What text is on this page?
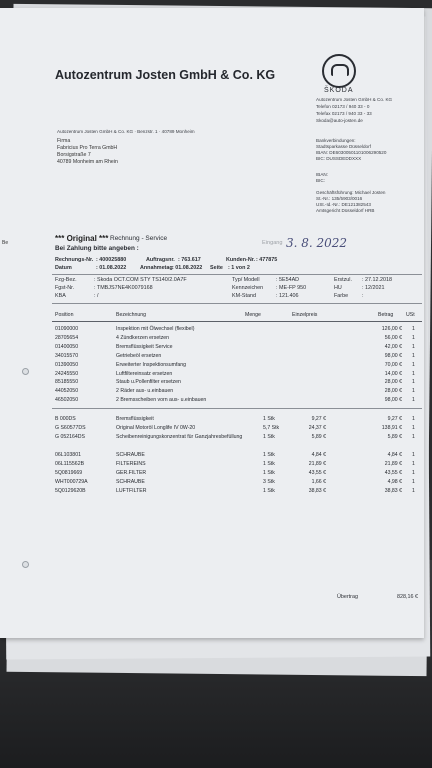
Autozentrum Josten GmbH & Co. KG
ŠKODA
Autozentrum Josten GmbH & Co. KG · Benzstr. 1 · 40789 Monheim
Firma
Fabricius Pro Terra GmbH
Borsigstraße 7
40789 Monheim am Rhein
Autozentrum Josten GmbH & Co. KG
Telefon 02173 / 940 33 - 0
Telefax 02173 / 940 33 - 33
Skoda@auto-josten.de
Bankverbindungen:
Stadtsparkasse Düsseldorf
IBAN: DE60300501101006290520
BIC: DUSSDEDDXXX
IBAN:
BIC:
Geschäftsführung: Michael Josten
St.-Nr.: 135/5903/0016
USt.-Id.-Nr.: DE121382543
Amtsgericht Düsseldorf HRB
Be	*** Original *** Rechnung - Service
Bei Zahlung bitte angeben :
Eingang 3. 8. 2022
Rechnungs-Nr. : 400025880	Auftragsnr. : 763.617	Kunden-Nr. : 477875
Datum	: 01.08.2022	Annahmetag : 01.08.2022 Seite : 1 von 2
Fzg-Bez.	: Skoda OCT.COM STY TS140/2.0A7F
Fgst-Nr.	: TMBJS7NE4K0079168
KBA	: /
Typ/ Modell	: 5E54AD
Kennzeichen : ME-FP 950
KM-Stand	: 121.406
Erstzul. : 27.12.2018
HU	: 12/2021
Farbe	:
Position	Bezeichnung	Menge	Einzelpreis	Betrag USt
01090000	Inspektion mit Ölwechsel (flexibel)	126,00 € 1
28705654	4 Zündkerzen ersetzen	56,00 € 1
01400050	Bremsflüssigkeit Service	42,00 € 1
34015570	Getriebeöl ersetzen	98,00 € 1
01390050	Erweiterter Inspektionsumfang	70,00 € 1
24245550	Luftfiltereinsatz ersetzen	14,00 € 1
85185550	Staub u.Pollenfilter ersetzen	28,00 € 1
44052050	2 Räder aus- u.einbauen	28,00 € 1
46502050	2 Bremsscheiben vorn aus- u.einbauen	98,00 € 1
B 000DS	Bremsflüssigkeit	1 Stk	9,27 €	9,27 € 1
G S60577DS	Original Motoröl Longlife IV 0W-20	5,7 Stk	24,37 €	138,91 € 1
G 052164DS	Scheibenreinigungskonzentrat für Ganzjahresbefüllung	1 Stk	5,89 €	5,89 € 1
06L103801	SCHRAUBE	1 Stk	4,84 €	4,84 € 1
06L115562B	FILTEREINS	1 Stk	21,89 €	21,89 € 1
5Q0819669	GER.FILTER	1 Stk	43,55 €	43,55 € 1
WHT000729A	SCHRAUBE	3 Stk	1,66 €	4,98 € 1
5Q0129620B	LUFTFILTER	1 Stk	38,83 €	38,83 € 1
Übertrag	828,16 €
